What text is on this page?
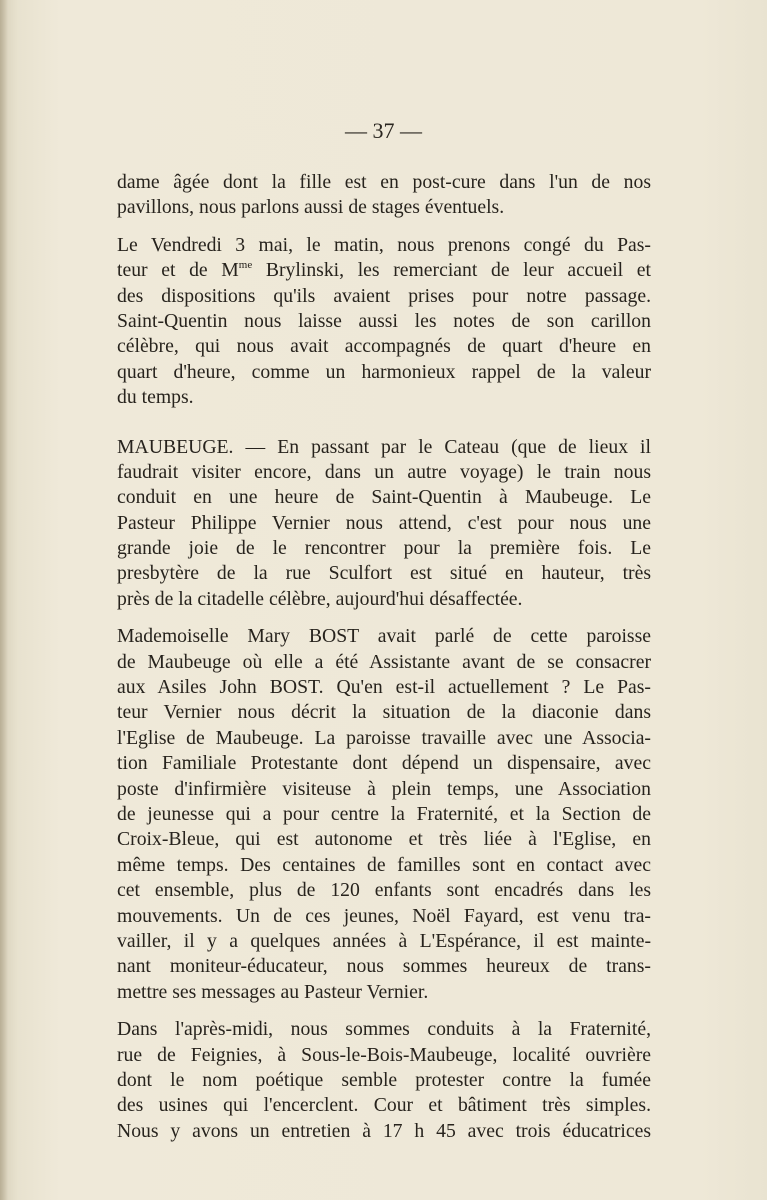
— 37 —
dame âgée dont la fille est en post-cure dans l'un de nos
pavillons, nous parlons aussi de stages éventuels.
Le Vendredi 3 mai, le matin, nous prenons congé du Pas-
teur et de $M^{me}$ Brylinski, les remerciant de leur accueil et
des dispositions qu'ils avaient prises pour notre passage.
Saint-Quentin nous laisse aussi les notes de son carillon
célèbre, qui nous avait accompagnés de quart d'heure en
quart d'heure, comme un harmonieux rappel de la valeur
du temps.
MAUBEUGE. — En passant par le Cateau (que de lieux il
faudrait visiter encore, dans un autre voyage) le train nous
conduit en une heure de Saint-Quentin à Maubeuge. Le
Pasteur Philippe Vernier nous attend, c'est pour nous une
grande joie de le rencontrer pour la première fois. Le
presbytère de la rue Sculfort est situé en hauteur, très
près de la citadelle célèbre, aujourd'hui désaffectée.
Mademoiselle Mary BOST avait parlé de cette paroisse
de Maubeuge où elle a été Assistante avant de se consacrer
aux Asiles John BOST. Qu'en est-il actuellement ? Le Pas-
teur Vernier nous décrit la situation de la diaconie dans
l'Eglise de Maubeuge. La paroisse travaille avec une Associa-
tion Familiale Protestante dont dépend un dispensaire, avec
poste d'infirmière visiteuse à plein temps, une Association
de jeunesse qui a pour centre la Fraternité, et la Section de
Croix-Bleue, qui est autonome et très liée à l'Eglise, en
même temps. Des centaines de familles sont en contact avec
cet ensemble, plus de 120 enfants sont encadrés dans les
mouvements. Un de ces jeunes, Noël Fayard, est venu tra-
vailler, il y a quelques années à L'Espérance, il est mainte-
nant moniteur-éducateur, nous sommes heureux de trans-
mettre ses messages au Pasteur Vernier.
Dans l'après-midi, nous sommes conduits à la Fraternité,
rue de Feignies, à Sous-le-Bois-Maubeuge, localité ouvrière
dont le nom poétique semble protester contre la fumée
des usines qui l'encerclent. Cour et bâtiment très simples.
Nous y avons un entretien à 17 h 45 avec trois éducatrices
